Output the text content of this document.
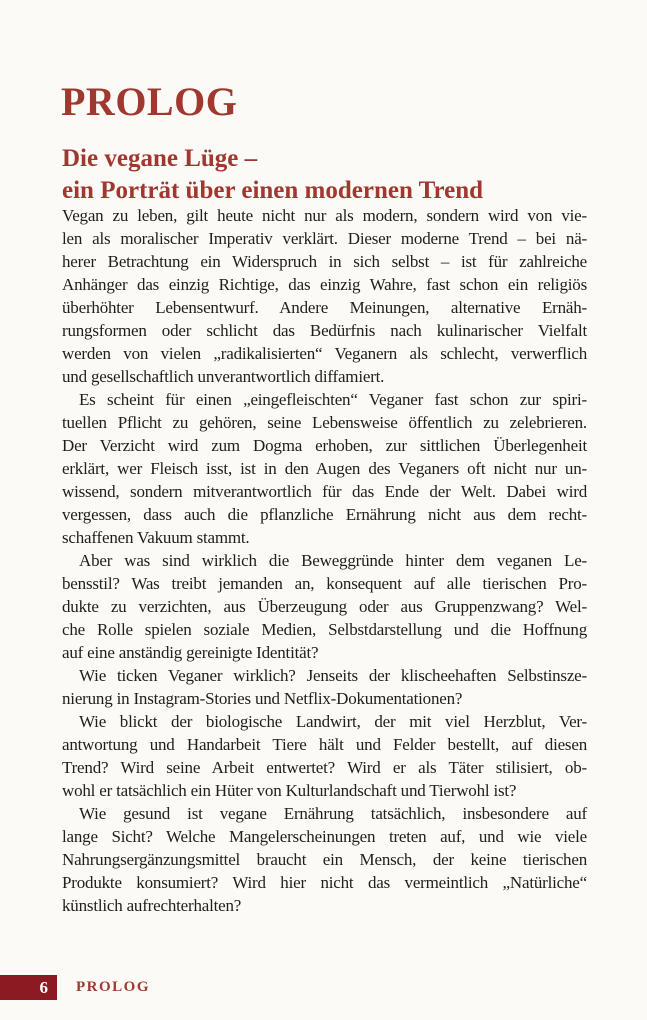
PROLOG
Die vegane Lüge –
ein Porträt über einen modernen Trend
Vegan zu leben, gilt heute nicht nur als modern, sondern wird von vie-
len als moralischer Imperativ verklärt. Dieser moderne Trend – bei nä-
herer Betrachtung ein Widerspruch in sich selbst – ist für zahlreiche
Anhänger das einzig Richtige, das einzig Wahre, fast schon ein religiös
überhöhter Lebensentwurf. Andere Meinungen, alternative Ernäh-
rungsformen oder schlicht das Bedürfnis nach kulinarischer Vielfalt
werden von vielen „radikalisierten“ Veganern als schlecht, verwerflich
und gesellschaftlich unverantwortlich diffamiert.
Es scheint für einen „eingefleischten“ Veganer fast schon zur spiri-
tuellen Pflicht zu gehören, seine Lebensweise öffentlich zu zelebrieren.
Der Verzicht wird zum Dogma erhoben, zur sittlichen Überlegenheit
erklärt, wer Fleisch isst, ist in den Augen des Veganers oft nicht nur un-
wissend, sondern mitverantwortlich für das Ende der Welt. Dabei wird
vergessen, dass auch die pflanzliche Ernährung nicht aus dem recht-
schaffenen Vakuum stammt.
Aber was sind wirklich die Beweggründe hinter dem veganen Le-
bensstil? Was treibt jemanden an, konsequent auf alle tierischen Pro-
dukte zu verzichten, aus Überzeugung oder aus Gruppenzwang? Wel-
che Rolle spielen soziale Medien, Selbstdarstellung und die Hoffnung
auf eine anständig gereinigte Identität?
Wie ticken Veganer wirklich? Jenseits der klischeehaften Selbstinsze-
nierung in Instagram-Stories und Netflix-Dokumentationen?
Wie blickt der biologische Landwirt, der mit viel Herzblut, Ver-
antwortung und Handarbeit Tiere hält und Felder bestellt, auf diesen
Trend? Wird seine Arbeit entwertet? Wird er als Täter stilisiert, ob-
wohl er tatsächlich ein Hüter von Kulturlandschaft und Tierwohl ist?
Wie gesund ist vegane Ernährung tatsächlich, insbesondere auf
lange Sicht? Welche Mangelerscheinungen treten auf, und wie viele
Nahrungsergänzungsmittel braucht ein Mensch, der keine tierischen
Produkte konsumiert? Wird hier nicht das vermeintlich „Natürliche“
künstlich aufrechterhalten?
6 PROLOG
